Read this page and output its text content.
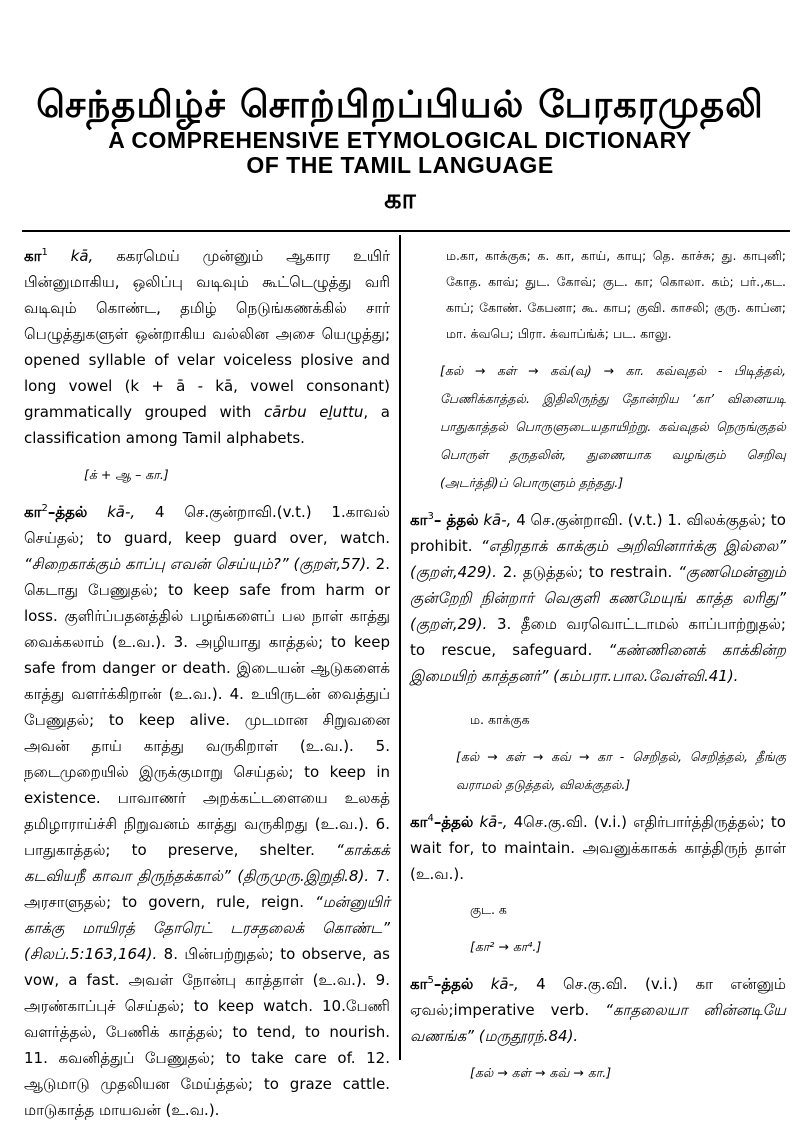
செந்தமிழ்ச் சொற்பிறப்பியல் பேரகரமுதலி
A COMPREHENSIVE ETYMOLOGICAL DICTIONARY
OF THE TAMIL LANGUAGE
கா

கா$^1$ kā, ககரமெய் முன்னும் ஆகார உயிர் பின்னுமாகிய, ஒலிப்பு வடிவும் கூட்டெழுத்து வரி வடிவும் கொண்ட, தமிழ் நெடுங்கணக்கில் சார் பெழுத்துகளுள் ஒன்றாகிய வல்லின அசை யெழுத்து; opened syllable of velar voiceless plosive and long vowel (k + ā - kā, vowel consonant) grammatically grouped with cārbu eḻuttu, a classification among Tamil alphabets.

[க் + ஆ – கா.]

கா$^2$–த்தல் kā-, 4 செ.குன்றாவி.(v.t.) 1.காவல் செய்தல்; to guard, keep guard over, watch. “சிறைகாக்கும் காப்பு எவன் செய்யும்?” (குறள்,57). 2. கெடாது பேணுதல்; to keep safe from harm or loss. குளிர்ப்பதனத்தில் பழங்களைப் பல நாள் காத்து வைக்கலாம் (உ.வ.). 3. அழியாது காத்தல்; to keep safe from danger or death. இடையன் ஆடுகளைக் காத்து வளர்க்கிறான் (உ.வ.). 4. உயிருடன் வைத்துப் பேணுதல்; to keep alive. முடமான சிறுவனை அவன் தாய் காத்து வருகிறாள் (உ.வ.). 5. நடைமுறையில் இருக்குமாறு செய்தல்; to keep in existence. பாவாணர் அறக்கட்டளையை உலகத் தமிழாராய்ச்சி நிறுவனம் காத்து வருகிறது (உ.வ.). 6. பாதுகாத்தல்; to preserve, shelter. “காக்கக் கடவியநீ காவா திருந்தக்கால்” (திருமுரு.இறுதி.8). 7. அரசாளுதல்; to govern, rule, reign. “மன்னுயிர் காக்கு மாயிரத் தோரெட் டரசதலைக் கொண்ட” (சிலப்.5:163,164). 8. பின்பற்றுதல்; to observe, as vow, a fast. அவள் நோன்பு காத்தாள் (உ.வ.). 9. அரண்காப்புச் செய்தல்; to keep watch. 10.பேணி வளர்த்தல், பேணிக் காத்தல்; to tend, to nourish. 11. கவனித்துப் பேணுதல்; to take care of. 12. ஆடுமாடு முதலியன மேய்த்தல்; to graze cattle. மாடுகாத்த மாயவன் (உ.வ.).

ம.கா, காக்குக; க. கா, காய், காயு; தெ. காச்சு; து. காபுனி; கோத. காவ்; துட. கோவ்; குட. கா; கொலா. கம்; பர்.,கட. காப்; கோண். கேபனா; கூ. காப; குவி. காசலி; குரு. காப்ன; மா. க்வபெ; பிரா. க்வாப்ங்க்; பட. காலு.

[கல் → கள் → கவ்(வு) → கா. கவ்வுதல் - பிடித்தல், பேணிக்காத்தல். இதிலிருந்து தோன்றிய ‘கா’ வினையடி பாதுகாத்தல் பொருளுடையதாயிற்று. கவ்வுதல் நெருங்குதல் பொருள் தருதலின், துணையாக வழங்கும் செறிவு (அடர்த்தி)ப் பொருளும் தந்தது.]

கா$^3$– த்தல் kā-, 4 செ.குன்றாவி. (v.t.) 1. விலக்குதல்; to prohibit. “எதிரதாக் காக்கும் அறிவினார்க்கு இல்லை” (குறள்,429). 2. தடுத்தல்; to restrain. “குணமென்னும் குன்றேறி நின்றார் வெகுளி கணமேயுங் காத்த லரிது” (குறள்,29). 3. தீமை வரவொட்டாமல் காப்பாற்றுதல்; to rescue, safeguard. “கண்ணினைக் காக்கின்ற இமையிற் காத்தனர்” (கம்பரா.பால.வேள்வி.41).

ம. காக்குக

[கல் → கள் → கவ் → கா - செறிதல், செறித்தல், தீங்கு வராமல் தடுத்தல், விலக்குதல்.]

கா$^4$–த்தல் kā-, 4செ.கு.வி. (v.i.) எதிர்பார்த்திருத்தல்; to wait for, to maintain. அவனுக்காகக் காத்திருந் தாள் (உ.வ.).

குட. க

[கா² → கா⁴.]

கா$^5$–த்தல் kā-, 4 செ.கு.வி. (v.i.) கா என்னும் ஏவல்;imperative verb. “காதலையா னின்னடியே வணங்க” (மருதூரந்.84).

[கல் → கள் → கவ் → கா.]
